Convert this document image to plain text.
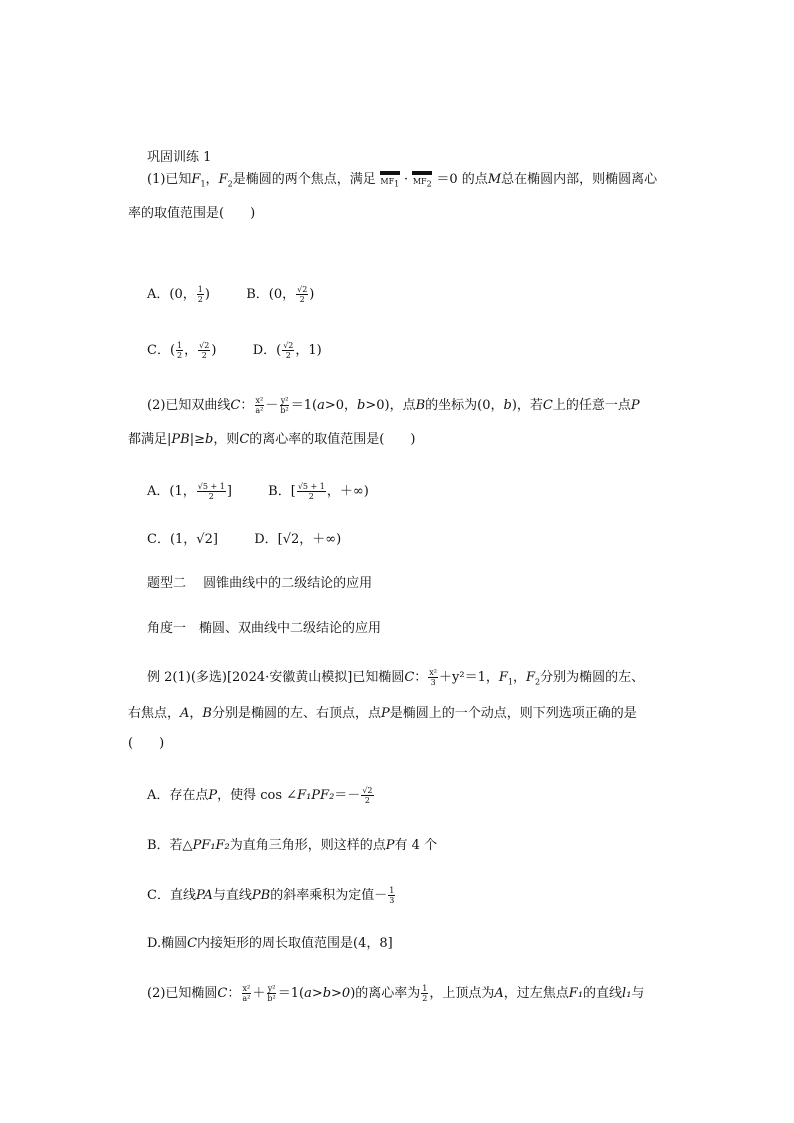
巩固训练 1
(1)已知$F_1$，$F_2$是椭圆的两个焦点，满足 $MF_1 \cdot MF_2 =0$ 的点M总在椭圆内部，则椭圆离心
率的取值范围是(　　)
A．(0， $\frac{1}{2}$ )	B．(0， $\frac{√2}{2}$ )
C．( $\frac{1}{2}$ ， $\frac{√2}{2}$ )	D．( $\frac{√2}{2}$ ，1)
(2)已知双曲线C： $\frac{\text{x²}}{\text{a²}} - \frac{\text{y²}}{\text{b²}} =1(a>0$，b>0)，点B的坐标为(0，b)，若C上的任意一点P
都满足|PB|≥b，则C的离心率的取值范围是(　　)
A．(1， $\frac{√5 + 1}{2}$ ]	B．[ $\frac{√5 + 1}{2}$ ，＋∞)
C．(1，√2]	D．[√2，＋∞)
题型二　 圆锥曲线中的二级结论的应用
角度一　椭圆、双曲线中二级结论的应用
例 2(1)(多选)[2024·安徽黄山模拟]已知椭圆C： $\frac{\text{x²}}{3} +y^2=1$，$F_1$，$F_2$分别为椭圆的左、
右焦点，A，B分别是椭圆的左、右顶点，点P是椭圆上的一个动点，则下列选项正确的是
(　　)
A．存在点P，使得 cos ∠F₁PF₂＝－ $\frac{√2}{2}$
B．若△PF₁F₂为直角三角形，则这样的点P有 4 个
C．直线PA与直线PB的斜率乘积为定值－ $\frac{1}{3}$
D.椭圆C内接矩形的周长取值范围是(4，8]
(2)已知椭圆C： $\frac{\text{x²}}{\text{a²}} + \frac{\text{y²}}{\text{b²}} =1(a>b>0)$的离心率为 $\frac{1}{2}$ ，上顶点为A，过左焦点F₁的直线l₁与
